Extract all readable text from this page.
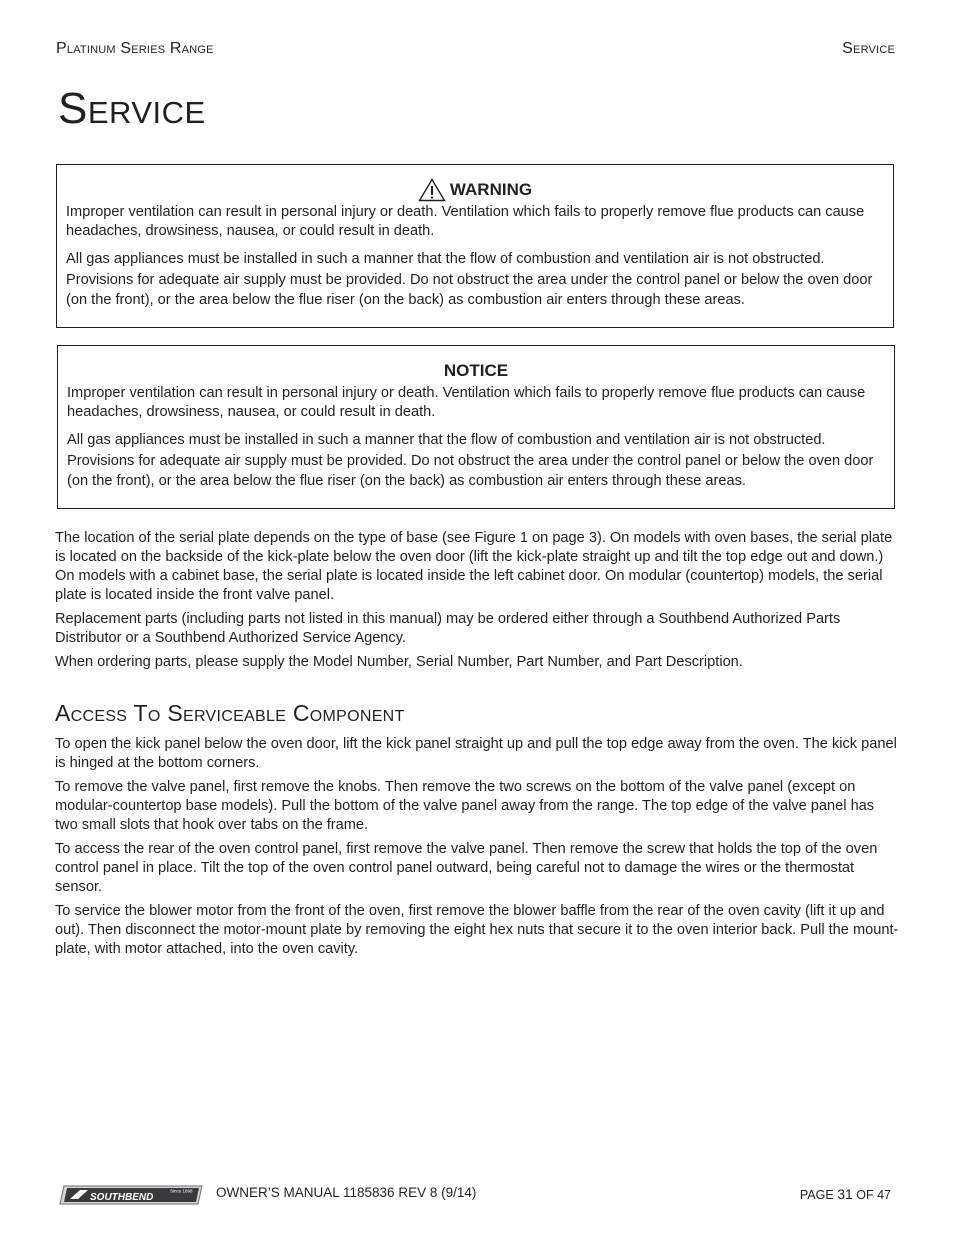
Platinum Series Range	Service
Service
WARNING

Improper ventilation can result in personal injury or death. Ventilation which fails to properly remove flue products can cause headaches, drowsiness, nausea, or could result in death.

All gas appliances must be installed in such a manner that the flow of combustion and ventilation air is not obstructed. Provisions for adequate air supply must be provided. Do not obstruct the area under the control panel or below the oven door (on the front), or the area below the flue riser (on the back) as combustion air enters through these areas.

NOTICE

Improper ventilation can result in personal injury or death. Ventilation which fails to properly remove flue products can cause headaches, drowsiness, nausea, or could result in death.

All gas appliances must be installed in such a manner that the flow of combustion and ventilation air is not obstructed. Provisions for adequate air supply must be provided. Do not obstruct the area under the control panel or below the oven door (on the front), or the area below the flue riser (on the back) as combustion air enters through these areas.

The location of the serial plate depends on the type of base (see Figure 1 on page 3). On models with oven bases, the serial plate is located on the backside of the kick-plate below the oven door (lift the kick-plate straight up and tilt the top edge out and down.) On models with a cabinet base, the serial plate is located inside the left cabinet door. On modular (countertop) models, the serial plate is located inside the front valve panel.

Replacement parts (including parts not listed in this manual) may be ordered either through a Southbend Authorized Parts Distributor or a Southbend Authorized Service Agency.

When ordering parts, please supply the Model Number, Serial Number, Part Number, and Part Description.

Access To Serviceable Component

To open the kick panel below the oven door, lift the kick panel straight up and pull the top edge away from the oven. The kick panel is hinged at the bottom corners.

To remove the valve panel, first remove the knobs. Then remove the two screws on the bottom of the valve panel (except on modular-countertop base models). Pull the bottom of the valve panel away from the range. The top edge of the valve panel has two small slots that hook over tabs on the frame.

To access the rear of the oven control panel, first remove the valve panel. Then remove the screw that holds the top of the oven control panel in place. Tilt the top of the oven control panel outward, being careful not to damage the wires or the thermostat sensor.

To service the blower motor from the front of the oven, first remove the blower baffle from the rear of the oven cavity (lift it up and out). Then disconnect the motor-mount plate by removing the eight hex nuts that secure it to the oven interior back. Pull the mount-plate, with motor attached, into the oven cavity.

SOUTHBEND
Since 1898 OWNER’S MANUAL 1185836 REV 8 (9/14)	PAGE 31 OF 47
